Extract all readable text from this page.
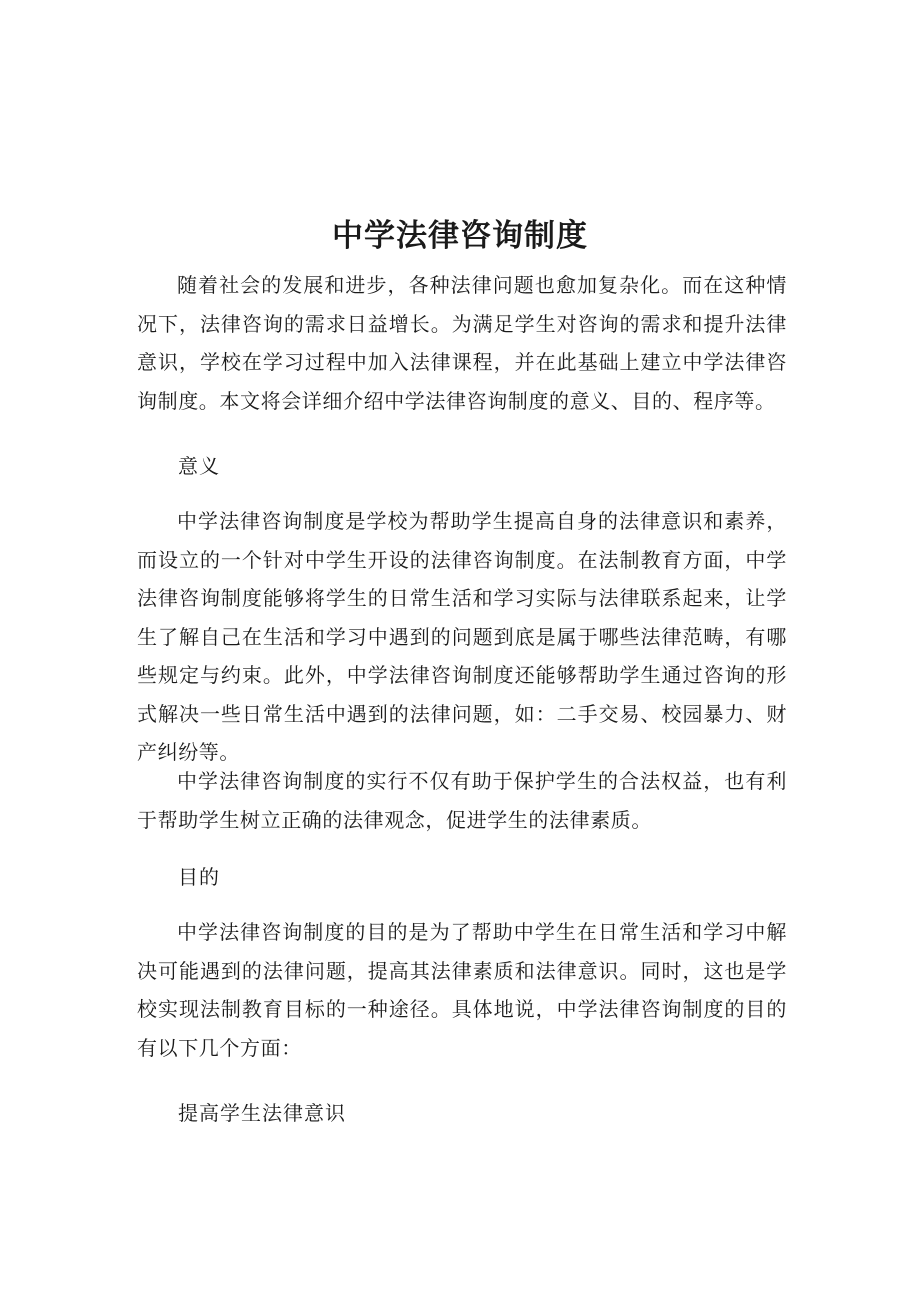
中学法律咨询制度

随着社会的发展和进步，各种法律问题也愈加复杂化。而在这种情况下，法律咨询的需求日益增长。为满足学生对咨询的需求和提升法律意识，学校在学习过程中加入法律课程，并在此基础上建立中学法律咨询制度。本文将会详细介绍中学法律咨询制度的意义、目的、程序等。

意义

中学法律咨询制度是学校为帮助学生提高自身的法律意识和素养，而设立的一个针对中学生开设的法律咨询制度。在法制教育方面，中学法律咨询制度能够将学生的日常生活和学习实际与法律联系起来，让学生了解自己在生活和学习中遇到的问题到底是属于哪些法律范畴，有哪些规定与约束。此外，中学法律咨询制度还能够帮助学生通过咨询的形式解决一些日常生活中遇到的法律问题，如：二手交易、校园暴力、财产纠纷等。

中学法律咨询制度的实行不仅有助于保护学生的合法权益，也有利于帮助学生树立正确的法律观念，促进学生的法律素质。

目的

中学法律咨询制度的目的是为了帮助中学生在日常生活和学习中解决可能遇到的法律问题，提高其法律素质和法律意识。同时，这也是学校实现法制教育目标的一种途径。具体地说，中学法律咨询制度的目的有以下几个方面：

提高学生法律意识
